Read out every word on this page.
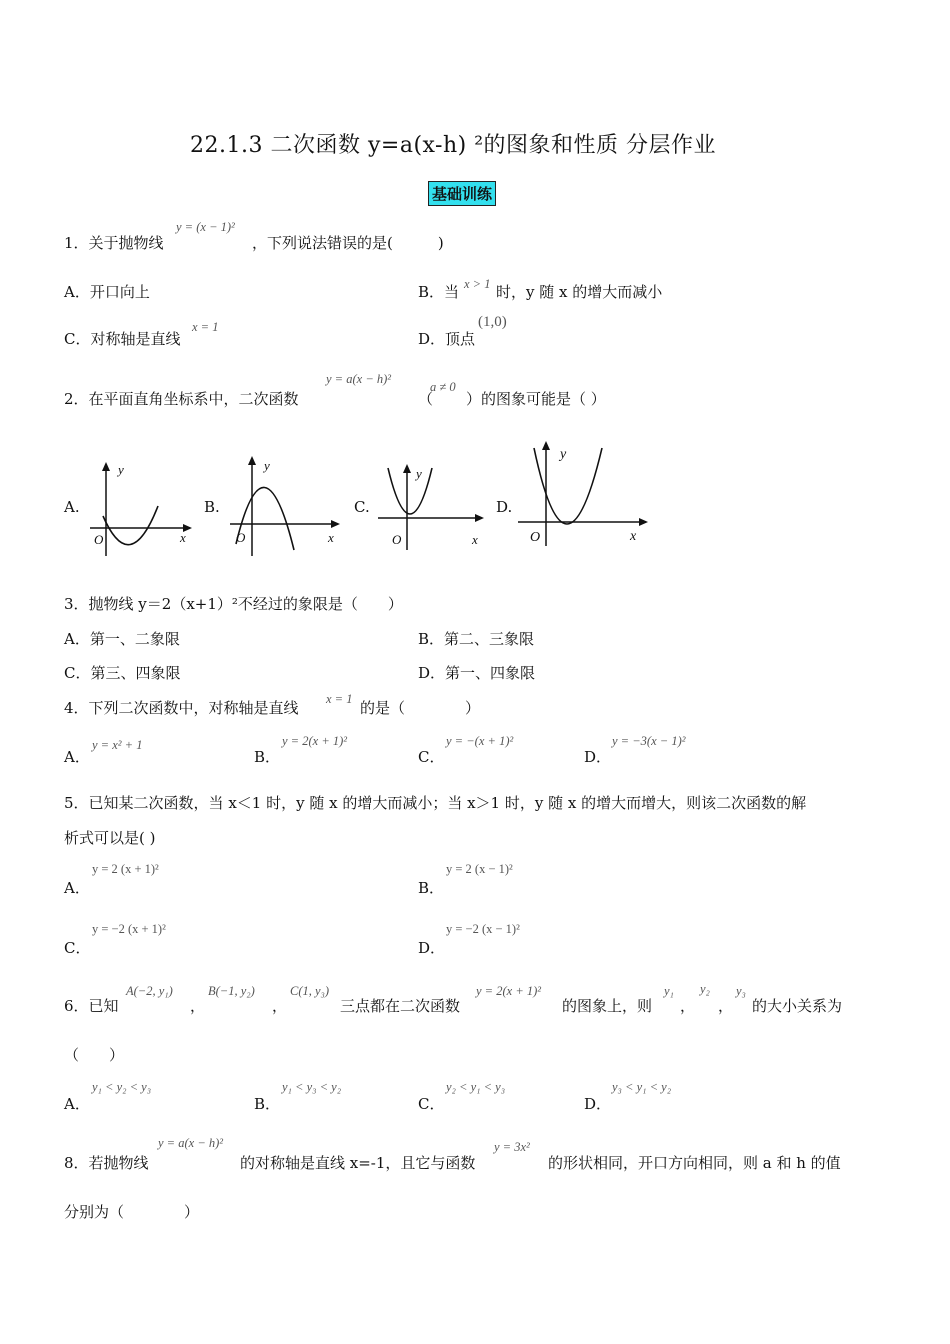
22.1.3 二次函数 y=a(x-h) ²的图象和性质 分层作业
基础训练
1．关于抛物线
y = (x − 1)²
，下列说法错误的是(　　　)
A．开口向上	B．当 x > 1 时，y 随 x 的增大而减小
C．对称轴是直线
x = 1
D．顶点
(1,0)
2．在平面直角坐标系中，二次函数
y = a(x − h)²
（
a ≠ 0
）的图象可能是（ ）
A.	B.	C.	D.
y
O	x
y
O	x
y
O	x
y
O	x
3．抛物线 y＝2（x+1）²不经过的象限是（　　）
A．第一、二象限	B．第二、三象限
C．第三、四象限	D．第一、四象限
4．下列二次函数中，对称轴是直线 x = 1 的是（　　　　）
A．
y = x² + 1
B．
y = 2(x + 1)²
C．
y = −(x + 1)²
D．
y = −3(x − 1)²
5．已知某二次函数，当 x＜1 时，y 随 x 的增大而减小；当 x＞1 时，y 随 x 的增大而增大，则该二次函数的解
析式可以是( )
A．
y = 2 (x + 1)²
B．
y = 2 (x − 1)²
C．
y = −2 (x + 1)²
D．
y = −2 (x − 1)²
6．已知
A(−2, y₁)
，
B(−1, y₂)
，
C(1, y₃)
三点都在二次函数
y = 2(x + 1)²
的图象上，则
y₁
，
y₂
，
y₃
的大小关系为
（　　）
A．
y₁ < y₂ < y₃
B．
y₁ < y₃ < y₂
C．
y₂ < y₁ < y₃
D．
y₃ < y₁ < y₂
8．若抛物线
y = a(x − h)²
的对称轴是直线 x=-1，且它与函数
y = 3x²
的形状相同，开口方向相同，则 a 和 h 的值
分别为（　　　　）
